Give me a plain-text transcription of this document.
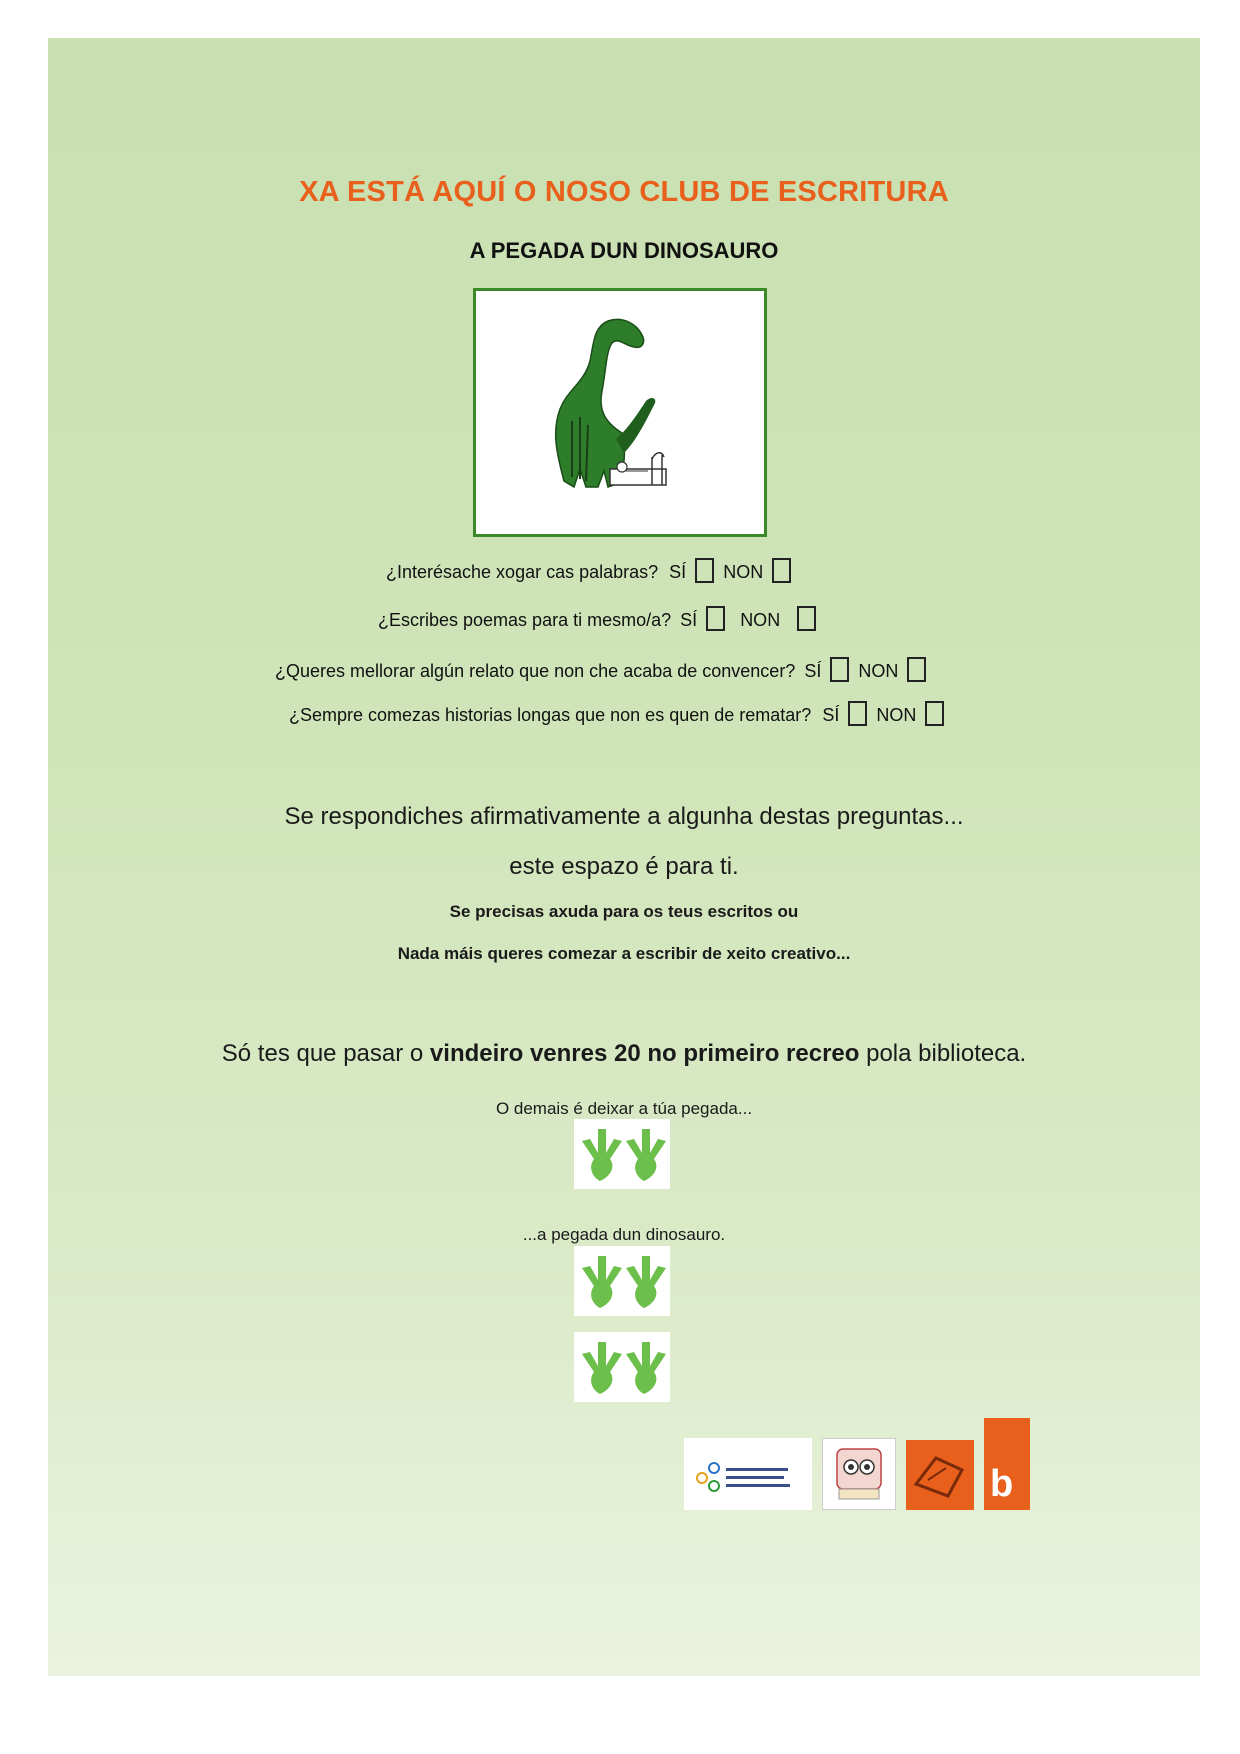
XA ESTÁ AQUÍ O NOSO CLUB DE ESCRITURA
A PEGADA DUN DINOSAURO
¿Interésache xogar cas palabras? SÍ NON
¿Escribes poemas para ti mesmo/a? SÍ NON
¿Queres mellorar algún relato que non che acaba de convencer? SÍ NON
¿Sempre comezas historias longas que non es quen de rematar? SÍ NON
Se respondiches afirmativamente a algunha destas preguntas...
este espazo é para ti.
Se precisas axuda para os teus escritos ou
Nada máis queres comezar a escribir de xeito creativo...
Só tes que pasar o vindeiro venres 20 no primeiro recreo pola biblioteca.
O demais é deixar a túa pegada...
...a pegada dun dinosauro.
b
